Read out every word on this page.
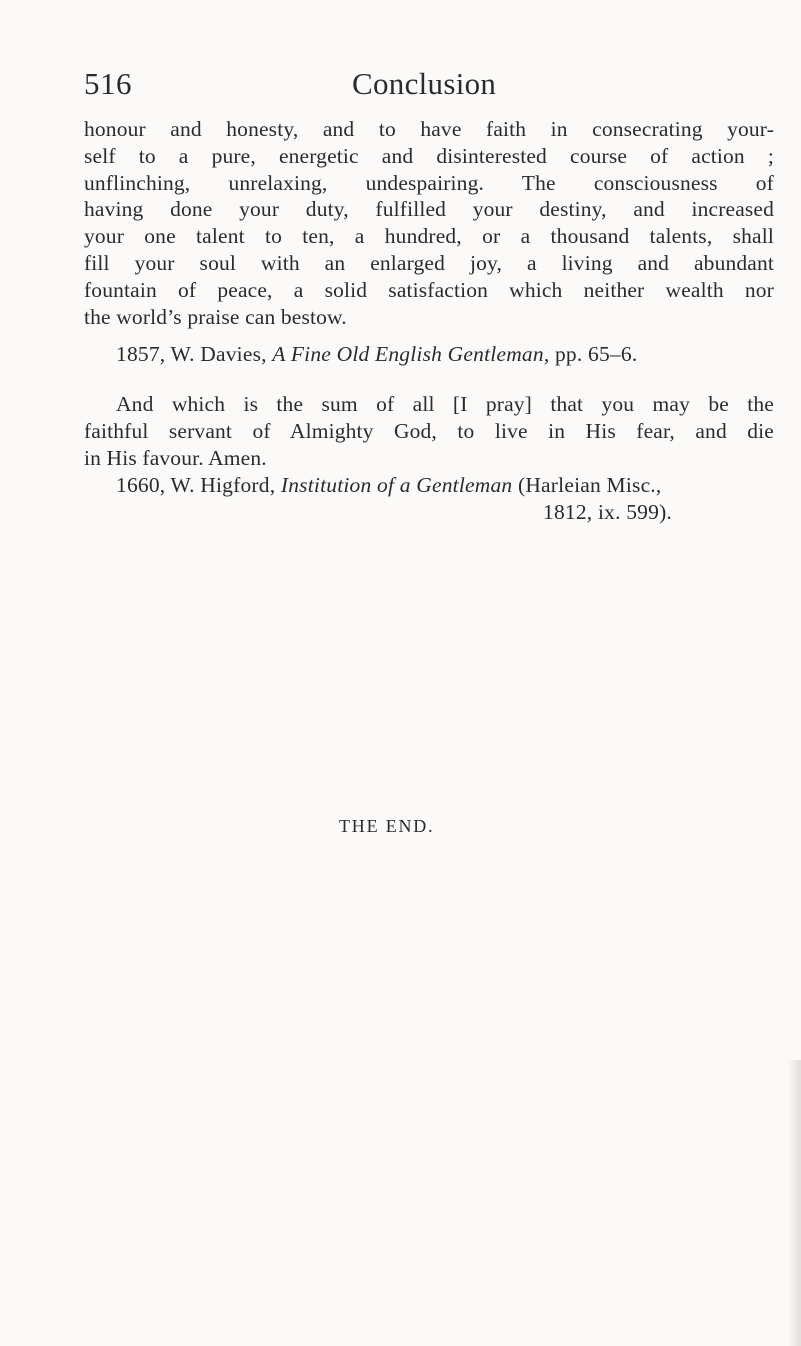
516	Conclusion
honour and honesty, and to have faith in consecrating your-
self to a pure, energetic and disinterested course of action ;
unflinching, unrelaxing, undespairing. The consciousness of
having done your duty, fulfilled your destiny, and increased
your one talent to ten, a hundred, or a thousand talents, shall
fill your soul with an enlarged joy, a living and abundant
fountain of peace, a solid satisfaction which neither wealth nor
the world’s praise can bestow.
1857, W. Davies, A Fine Old English Gentleman, pp. 65–6.
And which is the sum of all [I pray] that you may be the
faithful servant of Almighty God, to live in His fear, and die
in His favour. Amen.
1660, W. Higford, Institution of a Gentleman (Harleian Misc.,
1812, ix. 599).
THE END.
